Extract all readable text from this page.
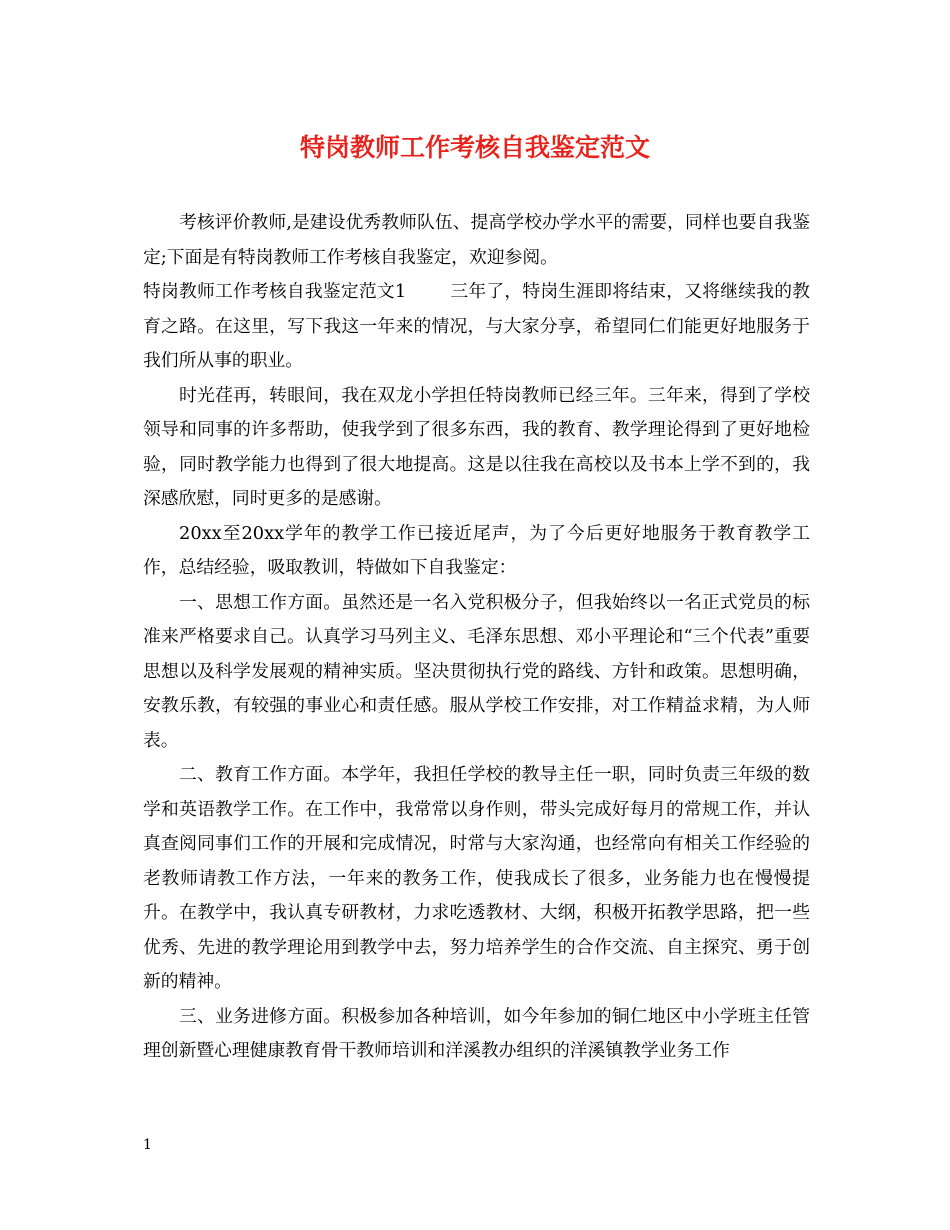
特岗教师工作考核自我鉴定范文

考核评价教师,是建设优秀教师队伍、提高学校办学水平的需要，同样也要自我鉴定;下面是有特岗教师工作考核自我鉴定，欢迎参阅。

特岗教师工作考核自我鉴定范文1 三年了，特岗生涯即将结束，又将继续我的教育之路。在这里，写下我这一年来的情况，与大家分享，希望同仁们能更好地服务于我们所从事的职业。

时光荏再，转眼间，我在双龙小学担任特岗教师已经三年。三年来，得到了学校领导和同事的许多帮助，使我学到了很多东西，我的教育、教学理论得到了更好地检验，同时教学能力也得到了很大地提高。这是以往我在高校以及书本上学不到的，我深感欣慰，同时更多的是感谢。

20xx至20xx学年的教学工作已接近尾声，为了今后更好地服务于教育教学工作，总结经验，吸取教训，特做如下自我鉴定：

一、思想工作方面。虽然还是一名入党积极分子，但我始终以一名正式党员的标准来严格要求自己。认真学习马列主义、毛泽东思想、邓小平理论和“三个代表”重要思想以及科学发展观的精神实质。坚决贯彻执行党的路线、方针和政策。思想明确，安教乐教，有较强的事业心和责任感。服从学校工作安排，对工作精益求精，为人师表。

二、教育工作方面。本学年，我担任学校的教导主任一职，同时负责三年级的数学和英语教学工作。在工作中，我常常以身作则，带头完成好每月的常规工作，并认真查阅同事们工作的开展和完成情况，时常与大家沟通，也经常向有相关工作经验的老教师请教工作方法，一年来的教务工作，使我成长了很多，业务能力也在慢慢提升。在教学中，我认真专研教材，力求吃透教材、大纲，积极开拓教学思路，把一些优秀、先进的教学理论用到教学中去，努力培养学生的合作交流、自主探究、勇于创新的精神。

三、业务进修方面。积极参加各种培训，如今年参加的铜仁地区中小学班主任管理创新暨心理健康教育骨干教师培训和洋溪教办组织的洋溪镇教学业务工作

1
